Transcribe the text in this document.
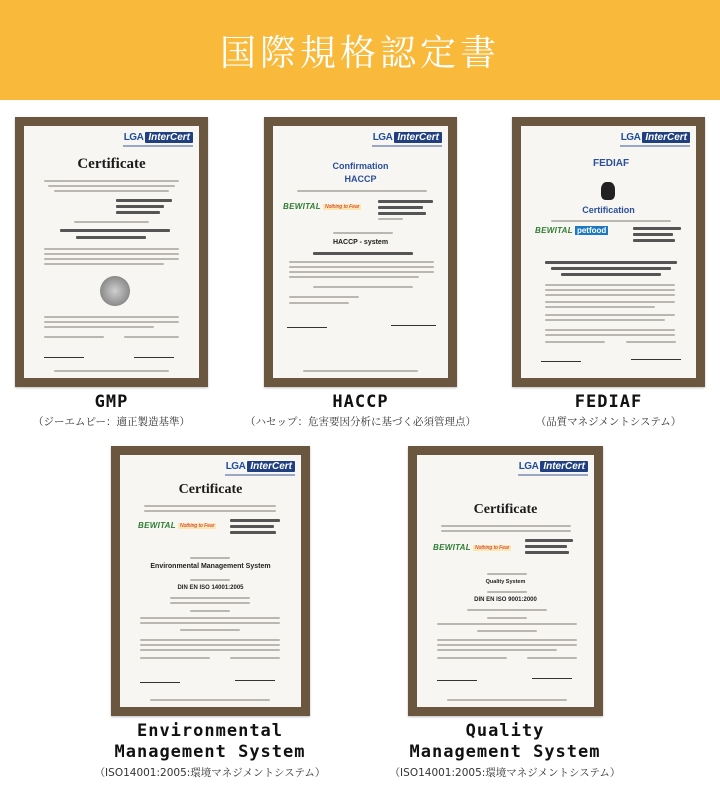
国際規格認定書
LGA InterCert
Certificate
GMP
（ジーエムピー：適正製造基準）
LGA InterCert
Confirmation
HACCP
BEWITAL Nothing to Fear
HACCP - system
HACCP
（ハセップ：危害要因分析に基づく必須管理点）
LGA InterCert
FEDIAF
Certification
BEWITAL petfood
FEDIAF
（品質マネジメントシステム）
LGA InterCert
Certificate
BEWITAL Nothing to Fear
Environmental Management System
DIN EN ISO 14001:2005
Environmental
Management System
（ISO14001:2005:環境マネジメントシステム）
LGA InterCert
Certificate
BEWITAL Nothing to Fear
Quality System
DIN EN ISO 9001:2000
Quality
Management System
（ISO14001:2005:環境マネジメントシステム）
